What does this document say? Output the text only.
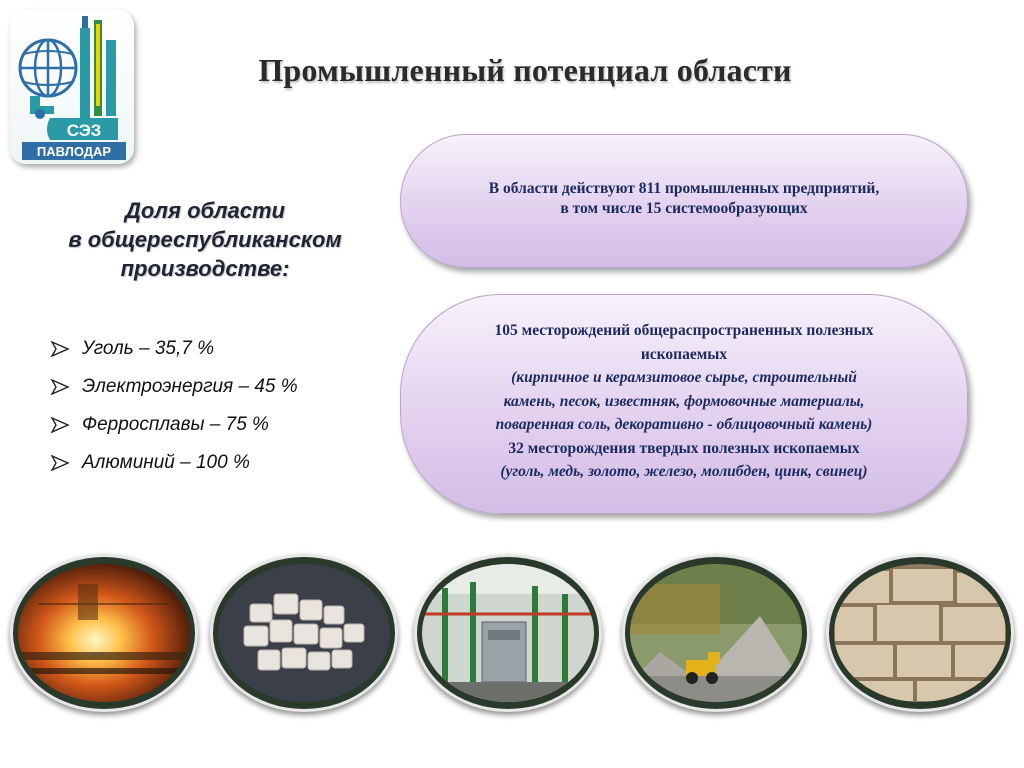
СЭЗ
ПАВЛОДАР
Промышленный потенциал области
Доля области
в общереспубликанском
производстве:
Уголь – 35,7 %
Электроэнергия – 45 %
Ферросплавы – 75 %
Алюминий – 100 %
В области действуют 811 промышленных предприятий,
в том числе 15 системообразующих
105 месторождений общераспространенных полезных
ископаемых
(кирпичное и керамзитовое сырье, строительный
камень, песок, известняк, формовочные материалы,
поваренная соль, декоративно - облицовочный камень)
32 месторождения твердых полезных ископаемых
(уголь, медь, золото, железо, молибден, цинк, свинец)
